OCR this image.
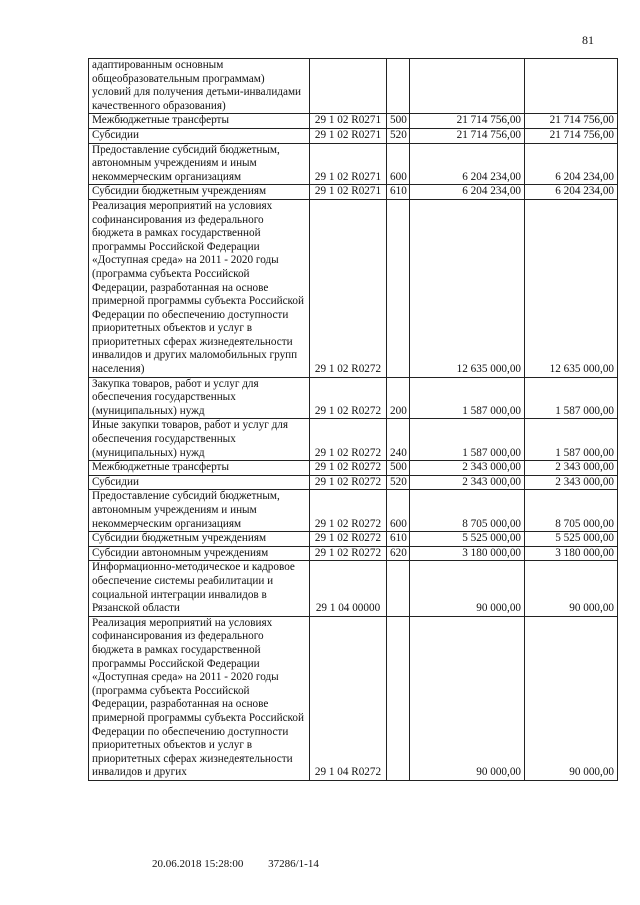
81
адаптированным основным общеобразовательным программам) условий для получения детьми-инвалидами качественного образования)				
Межбюджетные трансферты	29 1 02 R0271	500	21 714 756,00	21 714 756,00
Субсидии	29 1 02 R0271	520	21 714 756,00	21 714 756,00
Предоставление субсидий бюджетным, автономным учреждениям и иным некоммерческим организациям	29 1 02 R0271	600	6 204 234,00	6 204 234,00
Субсидии бюджетным учреждениям	29 1 02 R0271	610	6 204 234,00	6 204 234,00
Реализация мероприятий на условиях софинансирования из федерального бюджета в рамках государственной программы Российской Федерации «Доступная среда» на 2011 - 2020 годы (программа субъекта Российской Федерации, разработанная на основе примерной программы субъекта Российской Федерации по обеспечению доступности приоритетных объектов и услуг в приоритетных сферах жизнедеятельности инвалидов и других маломобильных групп населения)	29 1 02 R0272		12 635 000,00	12 635 000,00
Закупка товаров, работ и услуг для обеспечения государственных (муниципальных) нужд	29 1 02 R0272	200	1 587 000,00	1 587 000,00
Иные закупки товаров, работ и услуг для обеспечения государственных (муниципальных) нужд	29 1 02 R0272	240	1 587 000,00	1 587 000,00
Межбюджетные трансферты	29 1 02 R0272	500	2 343 000,00	2 343 000,00
Субсидии	29 1 02 R0272	520	2 343 000,00	2 343 000,00
Предоставление субсидий бюджетным, автономным учреждениям и иным некоммерческим организациям	29 1 02 R0272	600	8 705 000,00	8 705 000,00
Субсидии бюджетным учреждениям	29 1 02 R0272	610	5 525 000,00	5 525 000,00
Субсидии автономным учреждениям	29 1 02 R0272	620	3 180 000,00	3 180 000,00
Информационно-методическое и кадровое обеспечение системы реабилитации и социальной интеграции инвалидов в Рязанской области	29 1 04 00000		90 000,00	90 000,00
Реализация мероприятий на условиях софинансирования из федерального бюджета в рамках государственной программы Российской Федерации «Доступная среда» на 2011 - 2020 годы (программа субъекта Российской Федерации, разработанная на основе примерной программы субъекта Российской Федерации по обеспечению доступности приоритетных объектов и услуг в приоритетных сферах жизнедеятельности инвалидов и других	29 1 04 R0272		90 000,00	90 000,00
20.06.2018 15:28:00 37286/1-14
